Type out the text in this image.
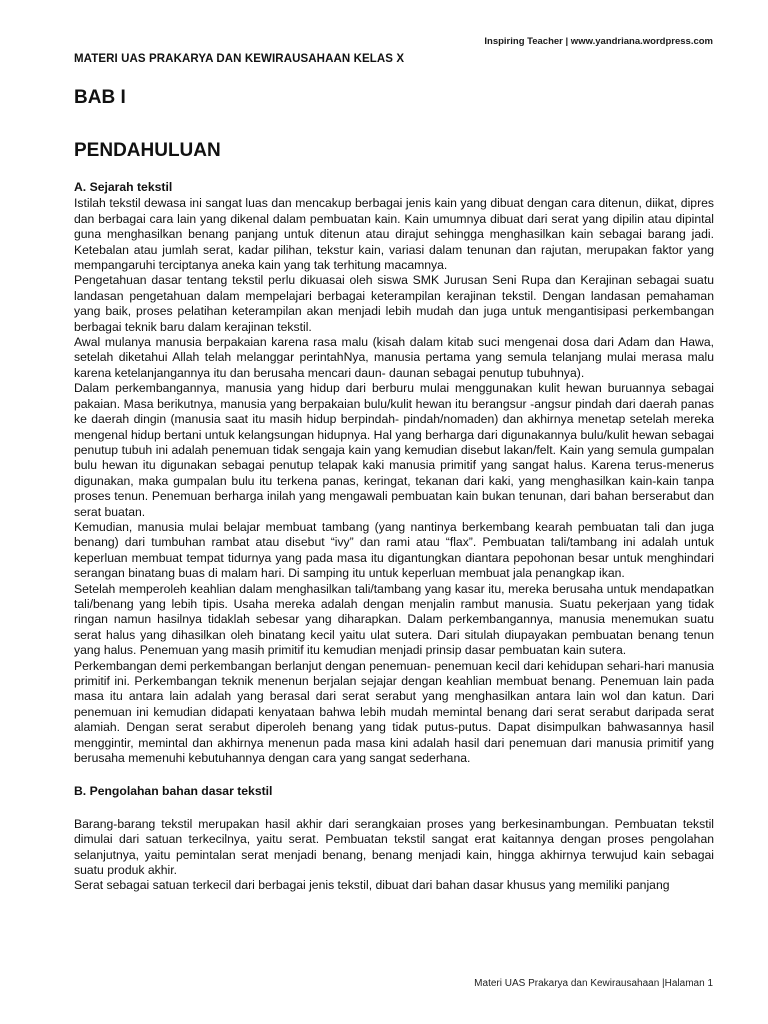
Inspiring Teacher | www.yandriana.wordpress.com
MATERI UAS PRAKARYA DAN KEWIRAUSAHAAN KELAS X
BAB I
PENDAHULUAN
A. Sejarah tekstil

Istilah tekstil dewasa ini sangat luas dan mencakup berbagai jenis kain yang dibuat dengan cara ditenun, diikat, dipres dan berbagai cara lain yang dikenal dalam pembuatan kain. Kain umumnya dibuat dari serat yang dipilin atau dipintal guna menghasilkan benang panjang untuk ditenun atau dirajut sehingga menghasilkan kain sebagai barang jadi. Ketebalan atau jumlah serat, kadar pilihan, tekstur kain, variasi dalam tenunan dan rajutan, merupakan faktor yang mempangaruhi terciptanya aneka kain yang tak terhitung macamnya.

Pengetahuan dasar tentang tekstil perlu dikuasai oleh siswa SMK Jurusan Seni Rupa dan Kerajinan sebagai suatu landasan pengetahuan dalam mempelajari berbagai keterampilan kerajinan tekstil. Dengan landasan pemahaman yang baik, proses pelatihan keterampilan akan menjadi lebih mudah dan juga untuk mengantisipasi perkembangan berbagai teknik baru dalam kerajinan tekstil.

Awal mulanya manusia berpakaian karena rasa malu (kisah dalam kitab suci mengenai dosa dari Adam dan Hawa, setelah diketahui Allah telah melanggar perintahNya, manusia pertama yang semula telanjang mulai merasa malu karena ketelanjangannya itu dan berusaha mencari daun- daunan sebagai penutup tubuhnya).

Dalam perkembangannya, manusia yang hidup dari berburu mulai menggunakan kulit hewan buruannya sebagai pakaian. Masa berikutnya, manusia yang berpakaian bulu/kulit hewan itu berangsur -angsur pindah dari daerah panas ke daerah dingin (manusia saat itu masih hidup berpindah- pindah/nomaden) dan akhirnya menetap setelah mereka mengenal hidup bertani untuk kelangsungan hidupnya. Hal yang berharga dari digunakannya bulu/kulit hewan sebagai penutup tubuh ini adalah penemuan tidak sengaja kain yang kemudian disebut lakan/felt. Kain yang semula gumpalan bulu hewan itu digunakan sebagai penutup telapak kaki manusia primitif yang sangat halus. Karena terus-menerus digunakan, maka gumpalan bulu itu terkena panas, keringat, tekanan dari kaki, yang menghasilkan kain-kain tanpa proses tenun. Penemuan berharga inilah yang mengawali pembuatan kain bukan tenunan, dari bahan berserabut dan serat buatan.

Kemudian, manusia mulai belajar membuat tambang (yang nantinya berkembang kearah pembuatan tali dan juga benang) dari tumbuhan rambat atau disebut “ivy” dan rami atau “flax”. Pembuatan tali/tambang ini adalah untuk keperluan membuat tempat tidurnya yang pada masa itu digantungkan diantara pepohonan besar untuk menghindari serangan binatang buas di malam hari. Di samping itu untuk keperluan membuat jala penangkap ikan.

Setelah memperoleh keahlian dalam menghasilkan tali/tambang yang kasar itu, mereka berusaha untuk mendapatkan tali/benang yang lebih tipis. Usaha mereka adalah dengan menjalin rambut manusia. Suatu pekerjaan yang tidak ringan namun hasilnya tidaklah sebesar yang diharapkan. Dalam perkembangannya, manusia menemukan suatu serat halus yang dihasilkan oleh binatang kecil yaitu ulat sutera. Dari situlah diupayakan pembuatan benang tenun yang halus. Penemuan yang masih primitif itu kemudian menjadi prinsip dasar pembuatan kain sutera.

Perkembangan demi perkembangan berlanjut dengan penemuan- penemuan kecil dari kehidupan sehari-hari manusia primitif ini. Perkembangan teknik menenun berjalan sejajar dengan keahlian membuat benang. Penemuan lain pada masa itu antara lain adalah yang berasal dari serat serabut yang menghasilkan antara lain wol dan katun. Dari penemuan ini kemudian didapati kenyataan bahwa lebih mudah memintal benang dari serat serabut daripada serat alamiah. Dengan serat serabut diperoleh benang yang tidak putus-putus. Dapat disimpulkan bahwasannya hasil menggintir, memintal dan akhirnya menenun pada masa kini adalah hasil dari penemuan dari manusia primitif yang berusaha memenuhi kebutuhannya dengan cara yang sangat sederhana.

B. Pengolahan bahan dasar tekstil

Barang-barang tekstil merupakan hasil akhir dari serangkaian proses yang berkesinambungan. Pembuatan tekstil dimulai dari satuan terkecilnya, yaitu serat. Pembuatan tekstil sangat erat kaitannya dengan proses pengolahan selanjutnya, yaitu pemintalan serat menjadi benang, benang menjadi kain, hingga akhirnya terwujud kain sebagai suatu produk akhir.

Serat sebagai satuan terkecil dari berbagai jenis tekstil, dibuat dari bahan dasar khusus yang memiliki panjang

Materi UAS Prakarya dan Kewirausahaan |Halaman 1
